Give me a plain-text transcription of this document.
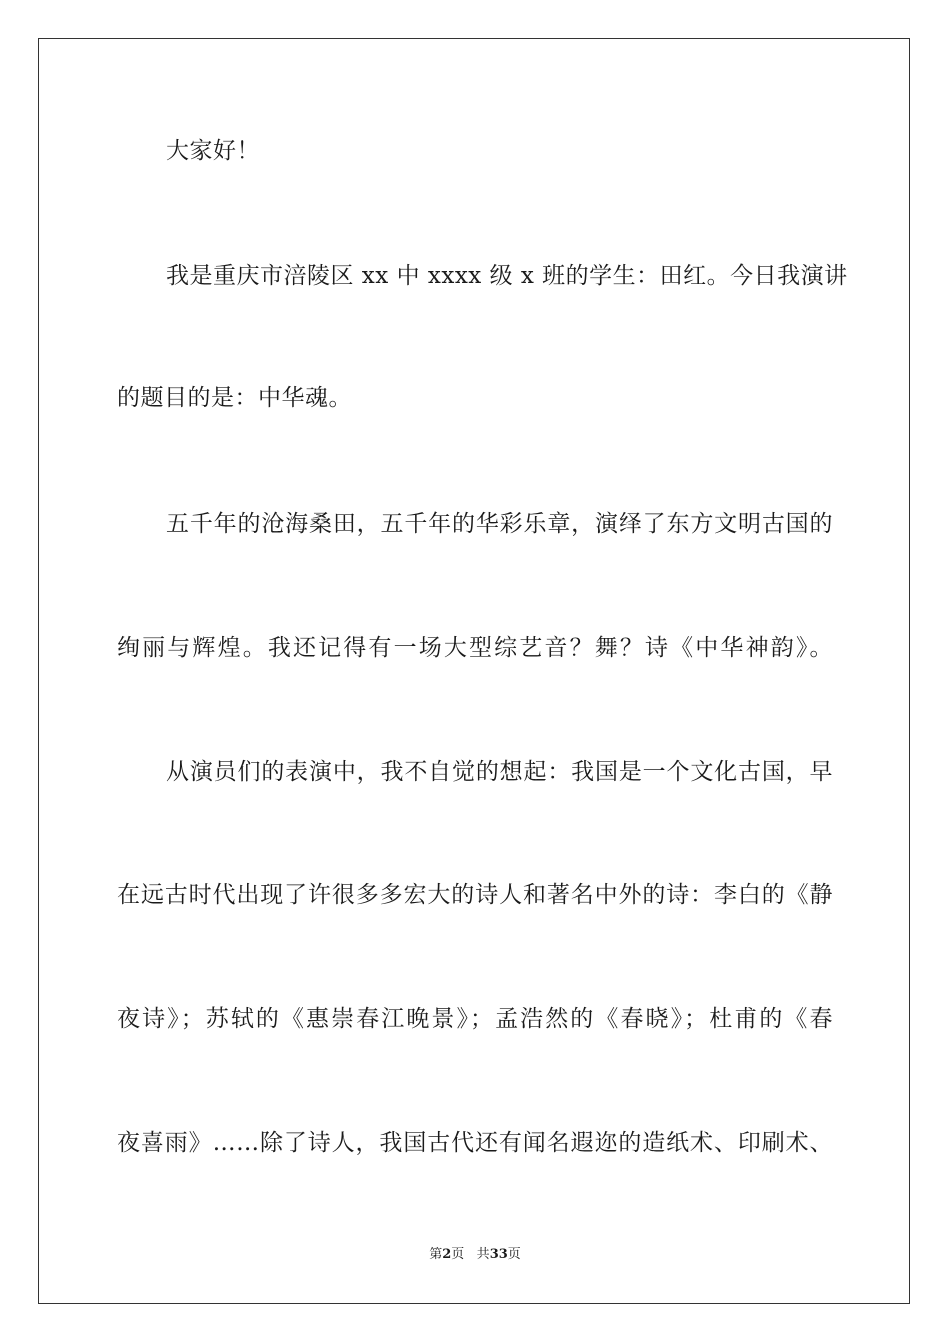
大家好！
我是重庆市涪陵区 xx 中 xxxx 级 x 班的学生：田红。今日我演讲
的题目的是：中华魂。
五千年的沧海桑田，五千年的华彩乐章，演绎了东方文明古国的
绚丽与辉煌。我还记得有一场大型综艺音？舞？诗《中华神韵》。
从演员们的表演中，我不自觉的想起：我国是一个文化古国，早
在远古时代出现了许很多多宏大的诗人和著名中外的诗：李白的《静
夜诗》；苏轼的《惠崇春江晚景》；孟浩然的《春晓》；杜甫的《春
夜喜雨》……除了诗人，我国古代还有闻名遐迩的造纸术、印刷术、
第2页 共33页
